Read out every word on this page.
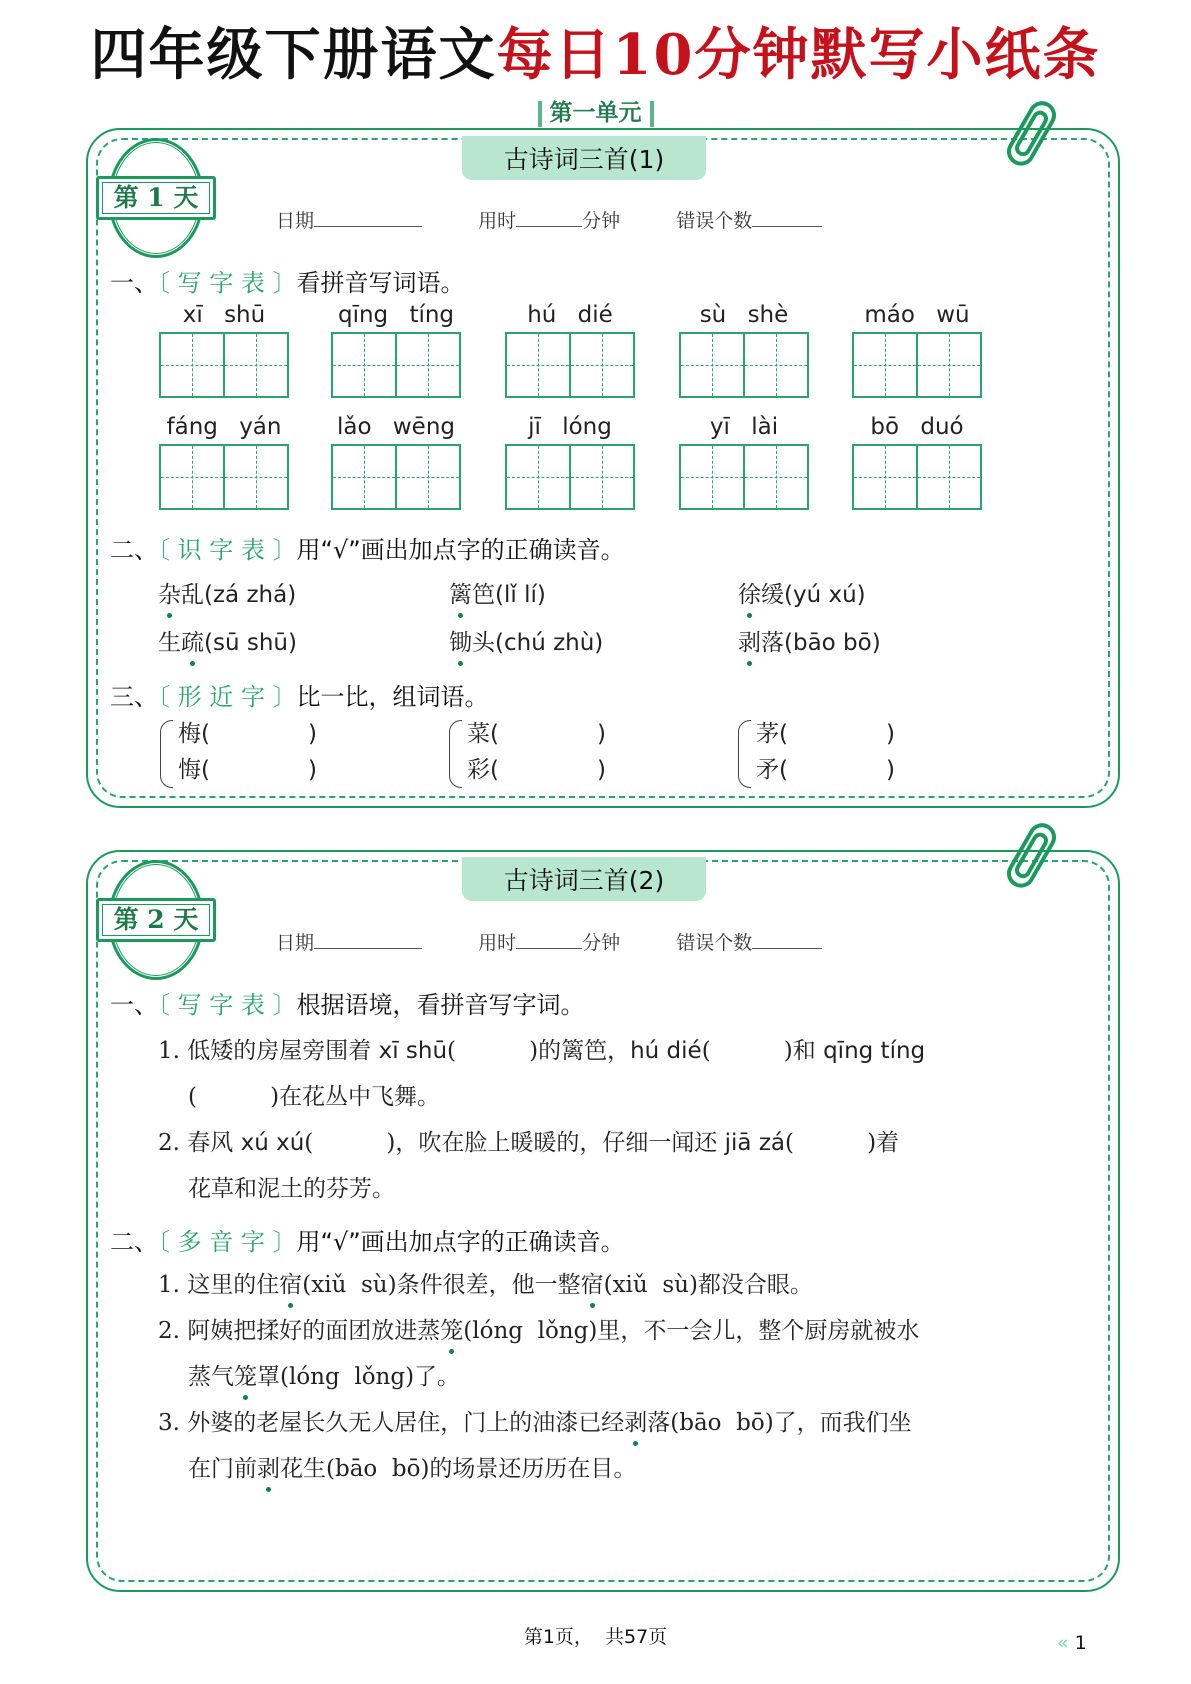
四年级下册语文每日10分钟默写小纸条
第一单元
古诗词三首(1)
第 1 天
日期	用时	分钟	错误个数
一、〔 写 字 表 〕看拼音写词语。
xī shū	qīng tíng	hú dié	sù shè	máo wū
fáng yán	lǎo wēng	jī lóng	yī lài	bō duó
二、〔 识 字 表 〕用“√”画出加点字的正确读音。
杂乱(zá zhá)	篱笆(lǐ lí)	徐缓(yú xú)
生疏(sū shū)	锄头(chú zhù)	剥落(bāo bō)
三、〔 形 近 字 〕比一比，组词语。
梅(	)
悔(	)
菜(	)
彩(	)
茅(	)
矛(	)
古诗词三首(2)
第 2 天
日期	用时	分钟	错误个数
一、〔 写 字 表 〕根据语境，看拼音写字词。
1. 低矮的房屋旁围着 xī shū(          )的篱笆，hú dié(          )和 qīng tíng
(          )在花丛中飞舞。
2. 春风 xú xú(          )，吹在脸上暖暖的，仔细一闻还 jiā zá(          )着
花草和泥土的芬芳。
二、〔 多 音 字 〕用“√”画出加点字的正确读音。
1. 这里的住宿(xiǔ  sù)条件很差，他一整宿(xiǔ  sù)都没合眼。
2. 阿姨把揉好的面团放进蒸笼(lóng  lǒng)里，不一会儿，整个厨房就被水
蒸气笼罩(lóng  lǒng)了。
3. 外婆的老屋长久无人居住，门上的油漆已经剥落(bāo  bō)了，而我们坐
在门前剥花生(bāo  bō)的场景还历历在目。
第1页，  共57页	« 1
